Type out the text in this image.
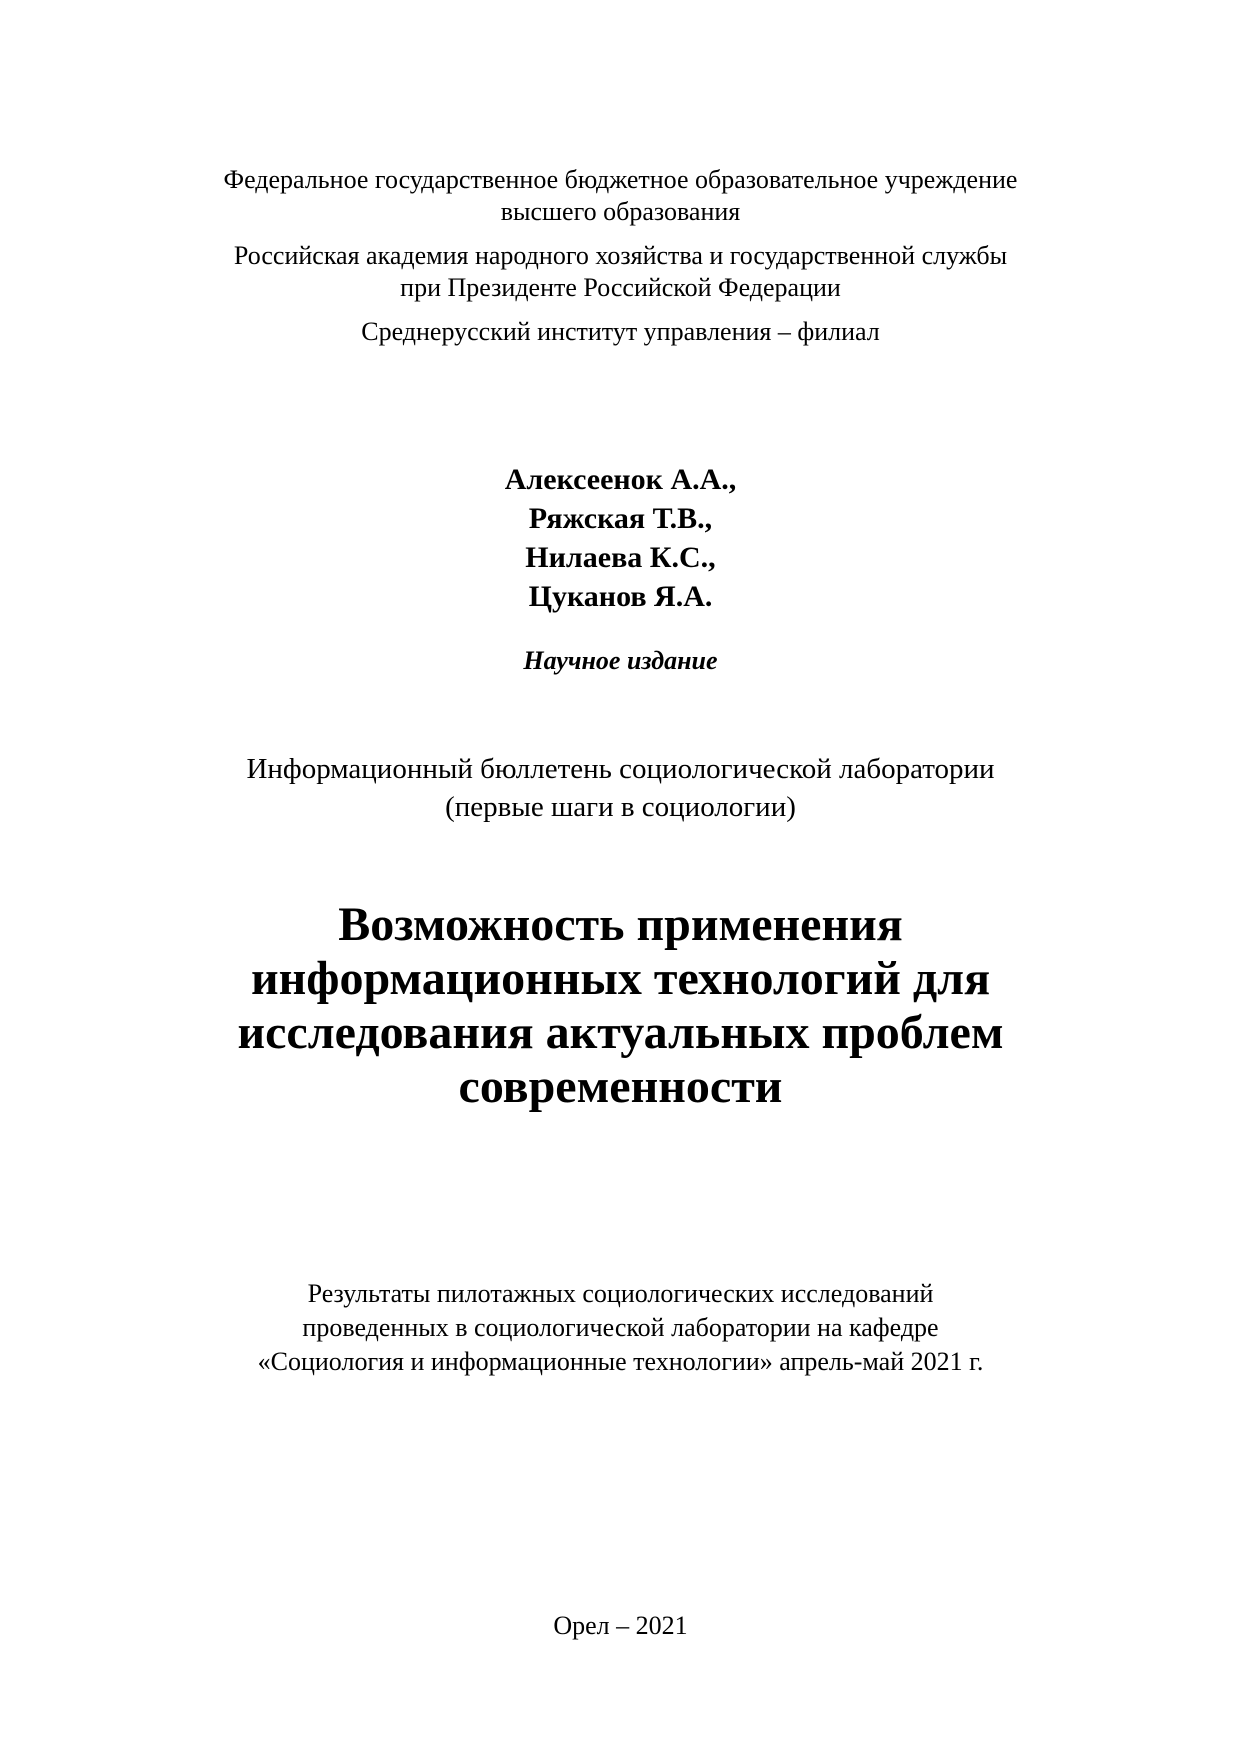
Федеральное государственное бюджетное образовательное учреждение
высшего образования
Российская академия народного хозяйства и государственной службы
при Президенте Российской Федерации
Среднерусский институт управления – филиал
Алексеенок А.А.,
Ряжская Т.В.,
Нилаева К.С.,
Цуканов Я.А.
Научное издание
Информационный бюллетень социологической лаборатории
(первые шаги в социологии)
Возможность применения
информационных технологий для
исследования актуальных проблем
современности
Результаты пилотажных социологических исследований
проведенных в социологической лаборатории на кафедре
«Социология и информационные технологии» апрель-май 2021 г.
Орел – 2021
